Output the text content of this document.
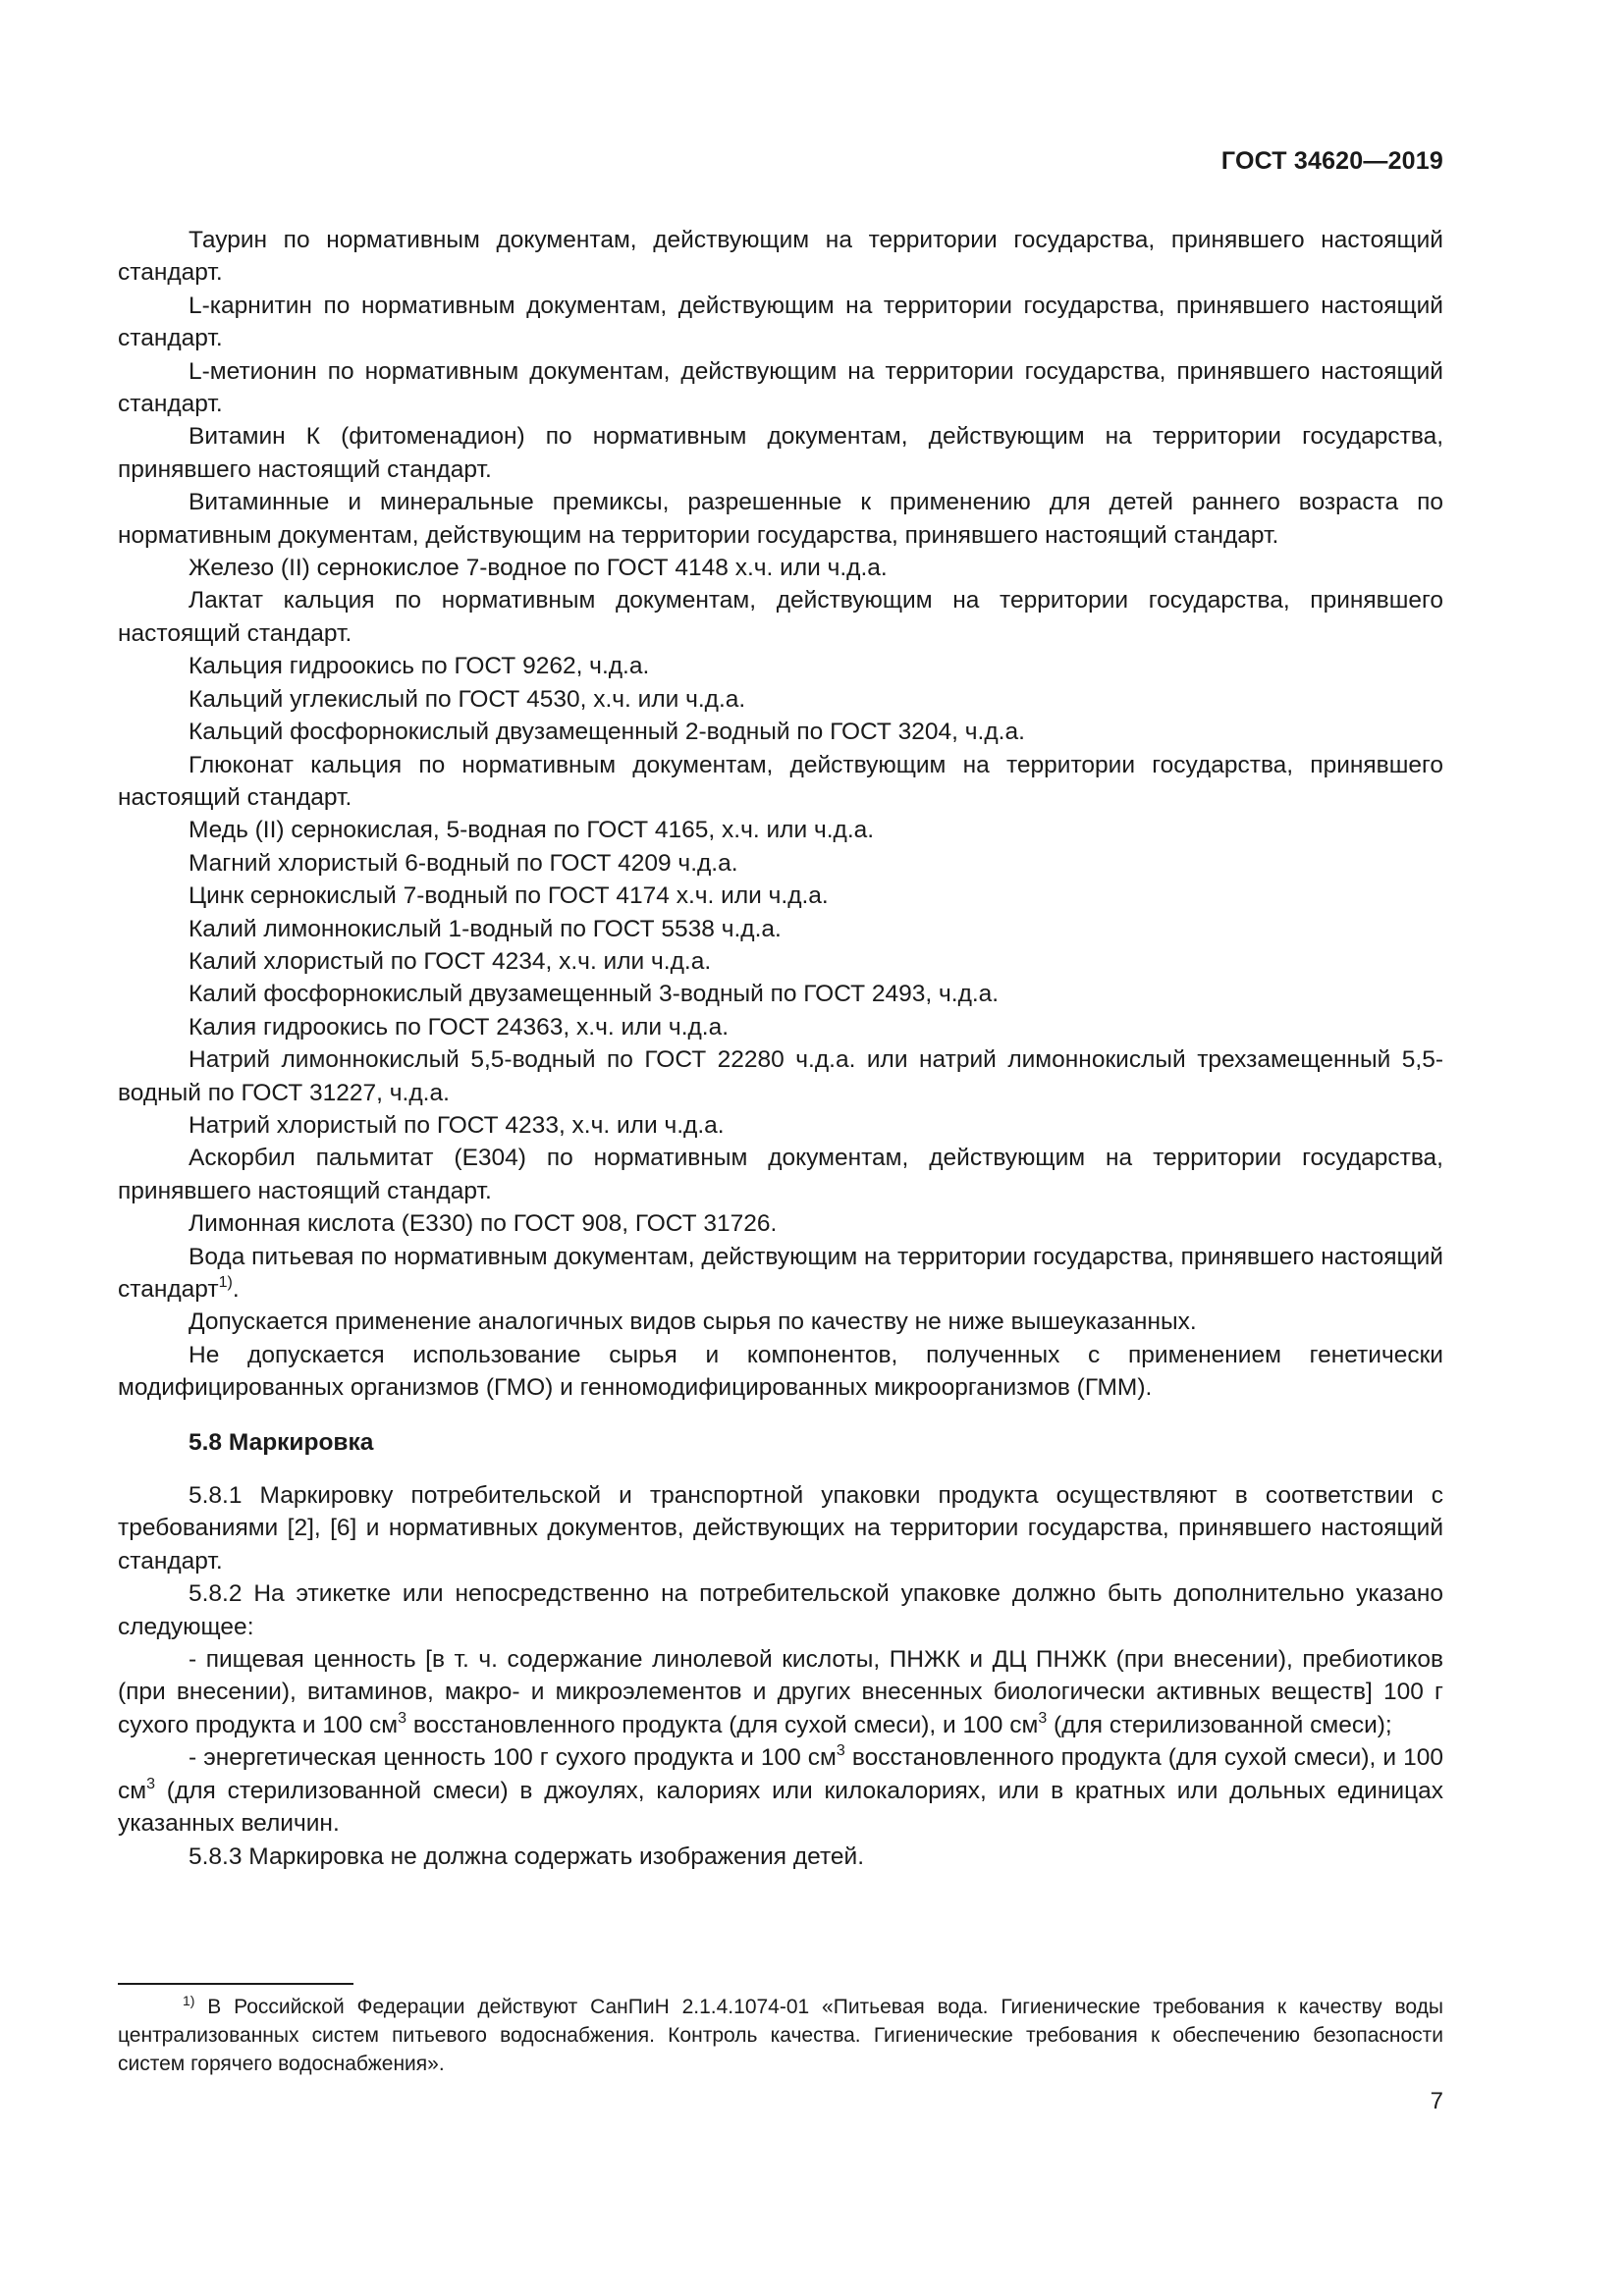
ГОСТ 34620—2019

Таурин по нормативным документам, действующим на территории государства, принявшего настоящий стандарт.

L-карнитин по нормативным документам, действующим на территории государства, принявшего настоящий стандарт.

L-метионин по нормативным документам, действующим на территории государства, принявшего настоящий стандарт.

Витамин К (фитоменадион) по нормативным документам, действующим на территории государства, принявшего настоящий стандарт.

Витаминные и минеральные премиксы, разрешенные к применению для детей раннего возраста по нормативным документам, действующим на территории государства, принявшего настоящий стандарт.

Железо (II) сернокислое 7-водное по ГОСТ 4148 х.ч. или ч.д.а.

Лактат кальция по нормативным документам, действующим на территории государства, принявшего настоящий стандарт.

Кальция гидроокись по ГОСТ 9262, ч.д.а.

Кальций углекислый по ГОСТ 4530, х.ч. или ч.д.а.

Кальций фосфорнокислый двузамещенный 2-водный по ГОСТ 3204, ч.д.а.

Глюконат кальция по нормативным документам, действующим на территории государства, принявшего настоящий стандарт.

Медь (II) сернокислая, 5-водная по ГОСТ 4165, х.ч. или ч.д.а.

Магний хлористый 6-водный по ГОСТ 4209 ч.д.а.

Цинк сернокислый 7-водный по ГОСТ 4174 х.ч. или ч.д.а.

Калий лимоннокислый 1-водный по ГОСТ 5538 ч.д.а.

Калий хлористый по ГОСТ 4234, х.ч. или ч.д.а.

Калий фосфорнокислый двузамещенный 3-водный по ГОСТ 2493, ч.д.а.

Калия гидроокись по ГОСТ 24363, х.ч. или ч.д.а.

Натрий лимоннокислый 5,5-водный по ГОСТ 22280 ч.д.а. или натрий лимоннокислый трехзамещенный 5,5-водный по ГОСТ 31227, ч.д.а.

Натрий хлористый по ГОСТ 4233, х.ч. или ч.д.а.

Аскорбил пальмитат (Е304) по нормативным документам, действующим на территории государства, принявшего настоящий стандарт.

Лимонная кислота (Е330) по ГОСТ 908, ГОСТ 31726.

Вода питьевая по нормативным документам, действующим на территории государства, принявшего настоящий стандарт$^{1)}$.

Допускается применение аналогичных видов сырья по качеству не ниже вышеуказанных.

Не допускается использование сырья и компонентов, полученных с применением генетически модифицированных организмов (ГМО) и генномодифицированных микроорганизмов (ГММ).

5.8 Маркировка

5.8.1 Маркировку потребительской и транспортной упаковки продукта осуществляют в соответствии с требованиями [2], [6] и нормативных документов, действующих на территории государства, принявшего настоящий стандарт.

5.8.2 На этикетке или непосредственно на потребительской упаковке должно быть дополнительно указано следующее:

- пищевая ценность [в т. ч. содержание линолевой кислоты, ПНЖК и ДЦ ПНЖК (при внесении), пребиотиков (при внесении), витаминов, макро- и микроэлементов и других внесенных биологически активных веществ] 100 г сухого продукта и 100 $см^3$ восстановленного продукта (для сухой смеси), и 100 $см^3$ (для стерилизованной смеси);

- энергетическая ценность 100 г сухого продукта и 100 $см^3$ восстановленного продукта (для сухой смеси), и 100 $см^3$ (для стерилизованной смеси) в джоулях, калориях или килокалориях, или в кратных или дольных единицах указанных величин.

5.8.3 Маркировка не должна содержать изображения детей.

$^{1)}$ В Российской Федерации действуют СанПиН 2.1.4.1074-01 «Питьевая вода. Гигиенические требования к качеству воды централизованных систем питьевого водоснабжения. Контроль качества. Гигиенические требования к обеспечению безопасности систем горячего водоснабжения».

7
